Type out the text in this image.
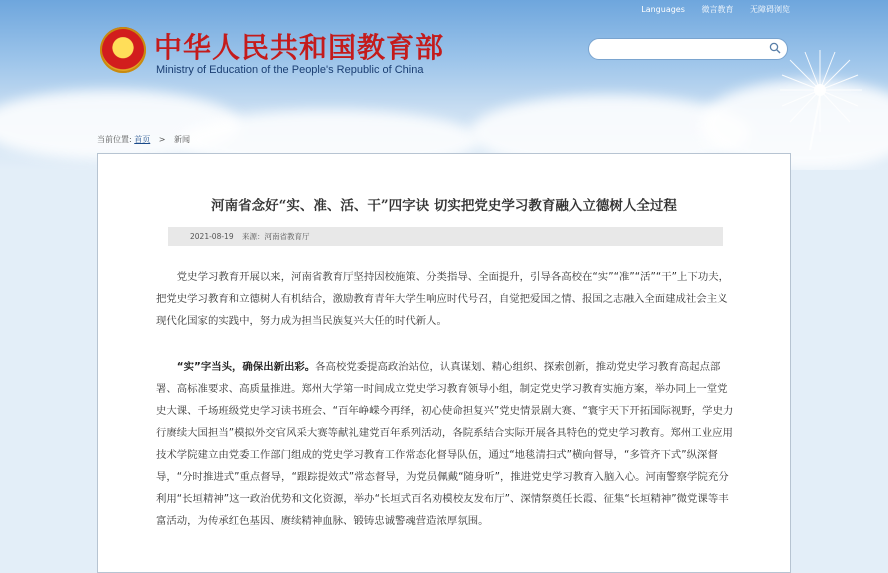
中华人民共和国教育部

Ministry of Education of the People's Republic of China

Languages 微言教育 无障碍浏览
当前位置: 首页 > 新闻
河南省念好“实、准、活、干”四字诀 切实把党史学习教育融入立德树人全过程
2021-08-19 来源：河南省教育厅

党史学习教育开展以来，河南省教育厅坚持因校施策、分类指导、全面提升，引导各高校在“实”“准”“活”“干”上下功夫，把党史学习教育和立德树人有机结合，激励教育青年大学生响应时代号召，自觉把爱国之情、报国之志融入全面建成社会主义现代化国家的实践中，努力成为担当民族复兴大任的时代新人。

“实”字当头，确保出新出彩。各高校党委提高政治站位，认真谋划、精心组织、探索创新，推动党史学习教育高起点部署、高标准要求、高质量推进。郑州大学第一时间成立党史学习教育领导小组，制定党史学习教育实施方案，举办同上一堂党史大课、千场班级党史学习读书班会、“百年峥嵘今再绎，初心使命担复兴”党史情景剧大赛、“寰宇天下开拓国际视野，学史力行赓续大国担当”模拟外交官风采大赛等献礼建党百年系列活动，各院系结合实际开展各具特色的党史学习教育。郑州工业应用技术学院建立由党委工作部门组成的党史学习教育工作常态化督导队伍，通过“地毯清扫式”横向督导，“多管齐下式”纵深督导，“分时推进式”重点督导，“跟踪提效式”常态督导，为党员佩戴“随身听”，推进党史学习教育入脑入心。河南警察学院充分利用“长垣精神”这一政治优势和文化资源，举办“长垣式百名劝模校友发布厅”、深情祭奠任长霞、征集“长垣精神”微党课等丰富活动，为传承红色基因、赓续精神血脉、锻铸忠诚警魂营造浓厚氛围。
